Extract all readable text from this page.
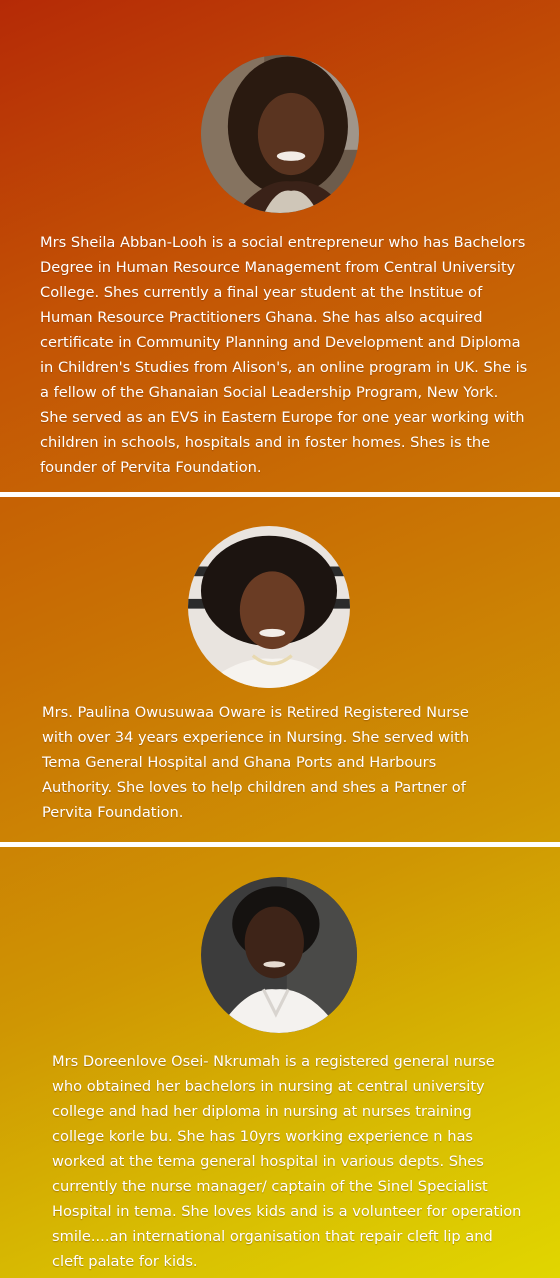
Mrs Sheila Abban-Looh is a social entrepreneur who has Bachelors Degree in Human Resource Management from Central University College. Shes currently a final year student at the Institue of Human Resource Practitioners Ghana. She has also acquired certificate in Community Planning and Development and Diploma in Children's Studies from Alison's, an online program in UK. She is a fellow of the Ghanaian Social Leadership Program, New York. She served as an EVS in Eastern Europe for one year working with children in schools, hospitals and in foster homes. Shes is the founder of Pervita Foundation.

Mrs. Paulina Owusuwaa Oware is Retired Registered Nurse with over 34 years experience in Nursing. She served with Tema General Hospital and Ghana Ports and Harbours Authority. She loves to help children and shes a Partner of Pervita Foundation.

Mrs Doreenlove Osei- Nkrumah is a registered general nurse who obtained her bachelors in nursing at central university college and had her diploma in nursing at nurses training college korle bu. She has 10yrs working experience n has worked at the tema general hospital in various depts. Shes currently the nurse manager/ captain of the Sinel Specialist Hospital in tema. She loves kids and is a volunteer for operation smile....an international organisation that repair cleft lip and cleft palate for kids.
